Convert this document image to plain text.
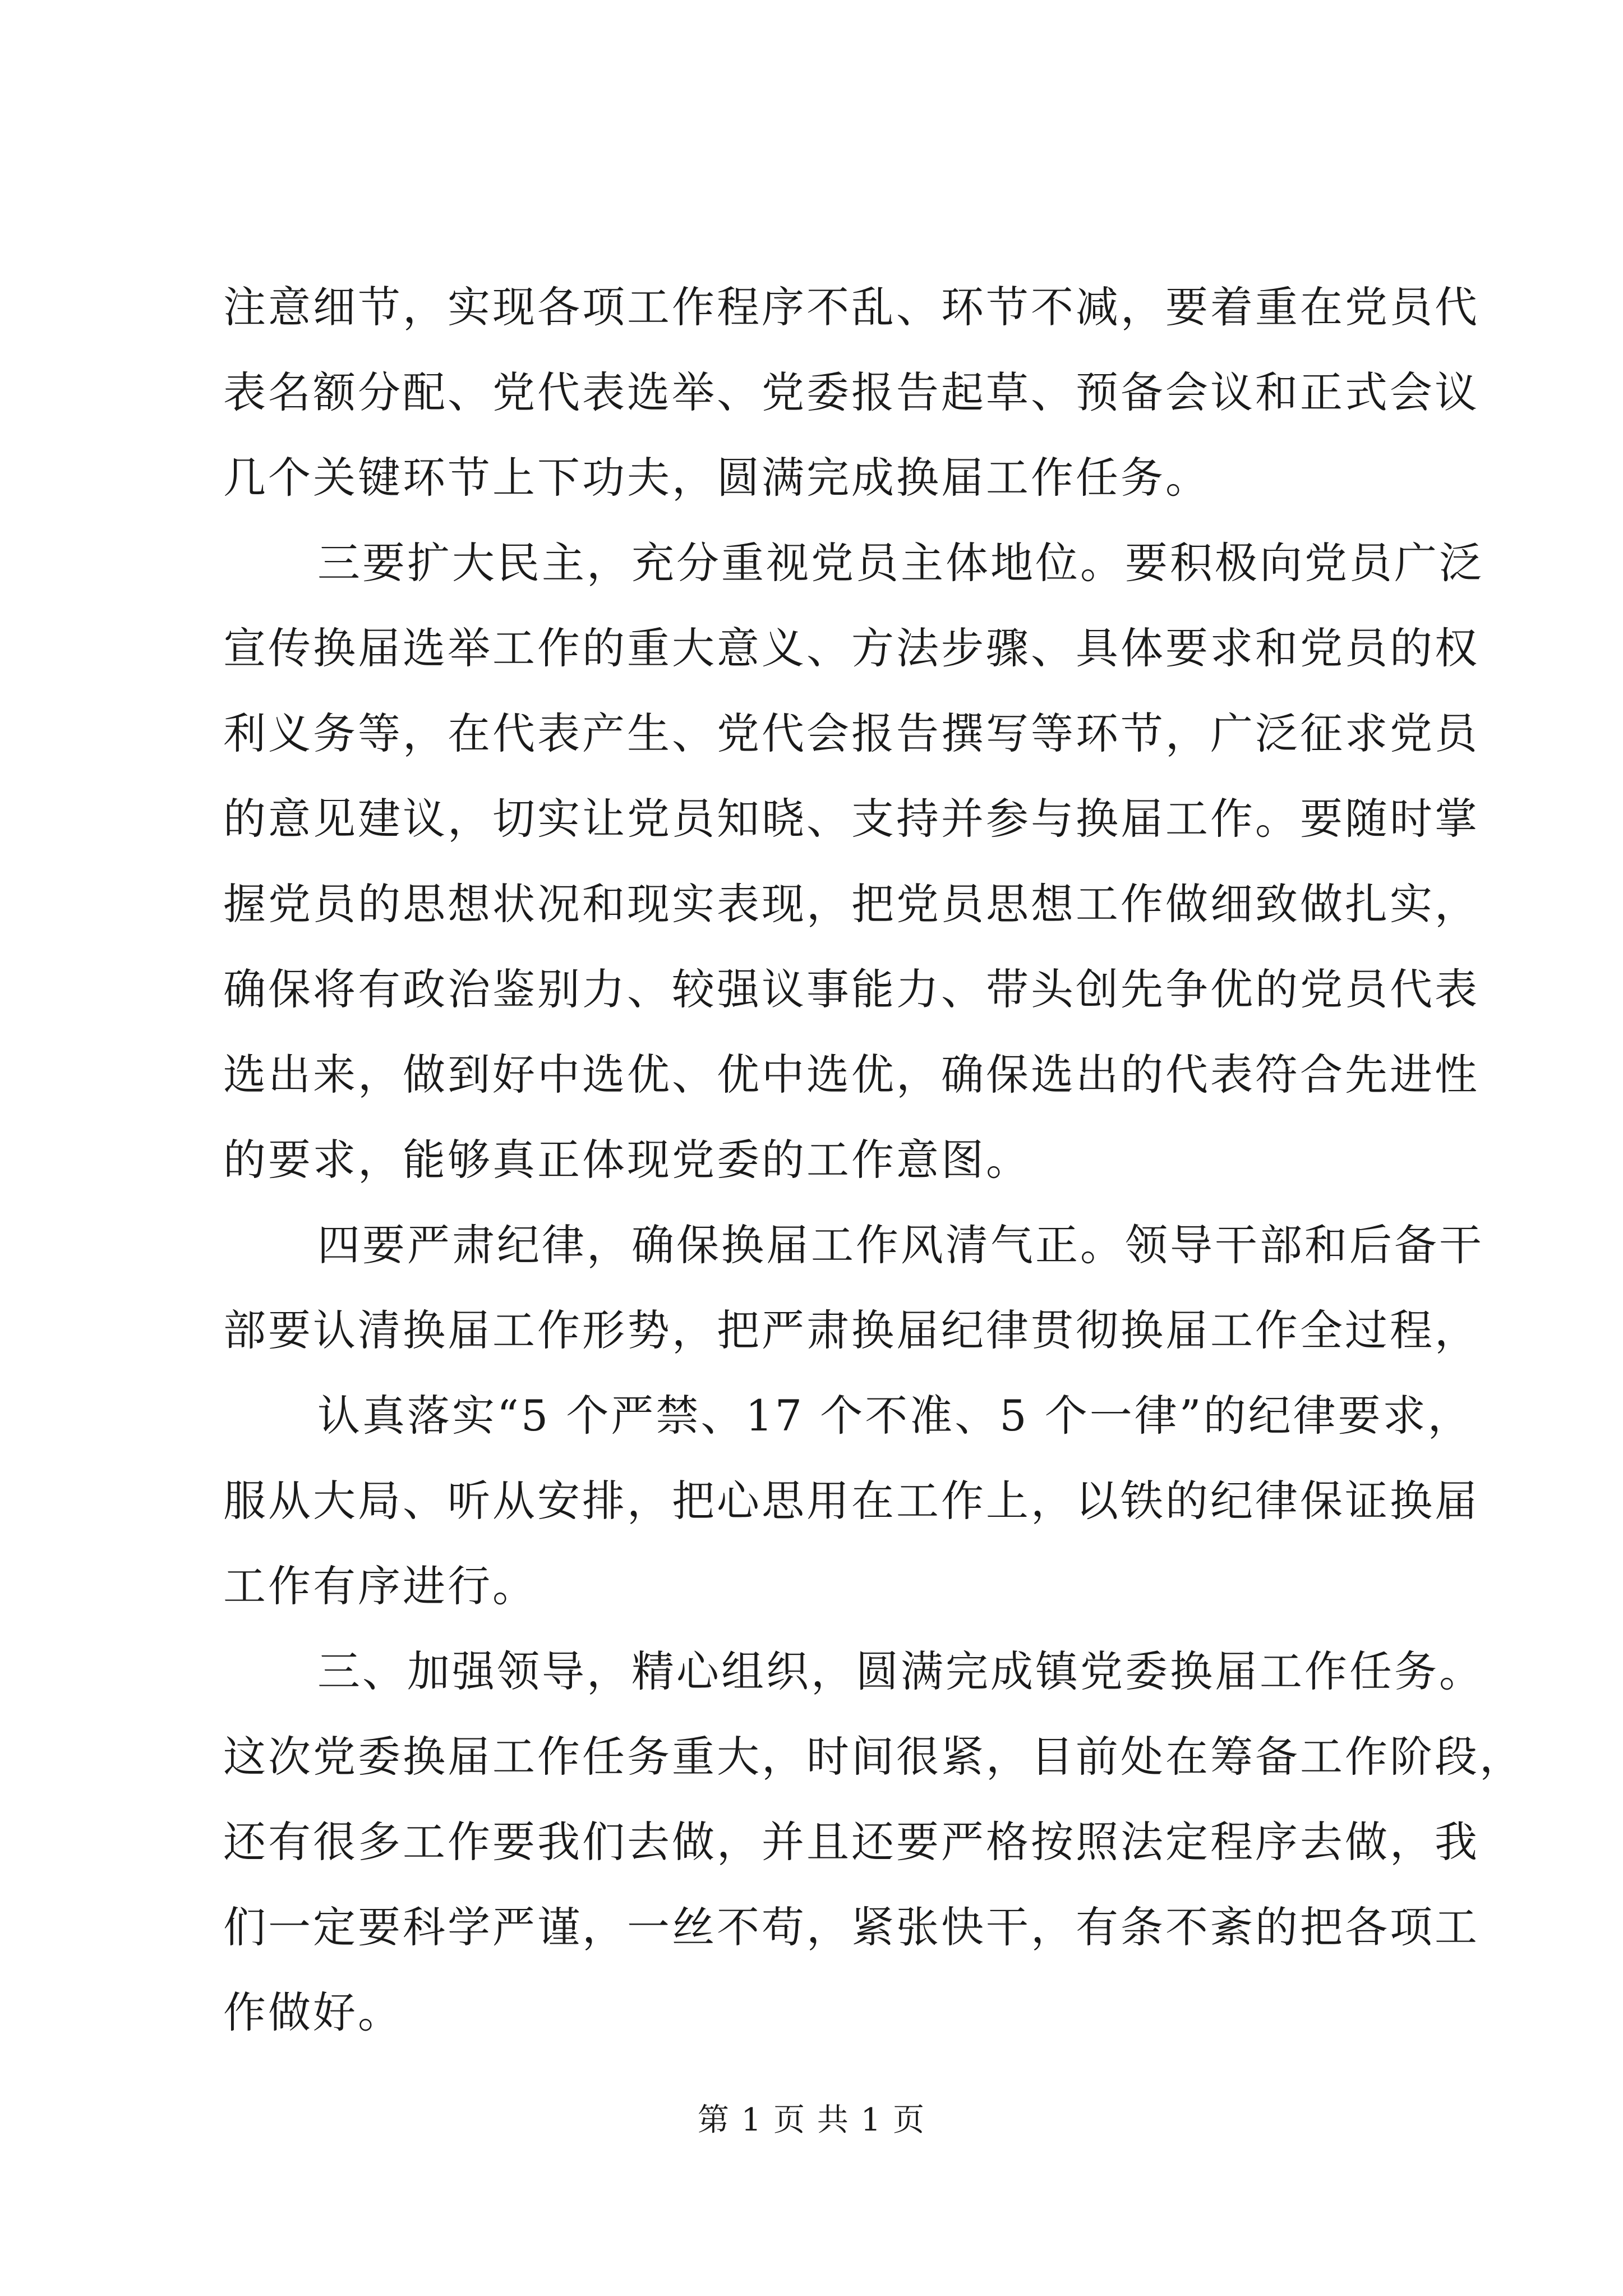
注意细节，实现各项工作程序不乱、环节不减，要着重在党员代
表名额分配、党代表选举、党委报告起草、预备会议和正式会议
几个关键环节上下功夫，圆满完成换届工作任务。
三要扩大民主，充分重视党员主体地位。要积极向党员广泛
宣传换届选举工作的重大意义、方法步骤、具体要求和党员的权
利义务等，在代表产生、党代会报告撰写等环节，广泛征求党员
的意见建议，切实让党员知晓、支持并参与换届工作。要随时掌
握党员的思想状况和现实表现，把党员思想工作做细致做扎实，
确保将有政治鉴别力、较强议事能力、带头创先争优的党员代表
选出来，做到好中选优、优中选优，确保选出的代表符合先进性
的要求，能够真正体现党委的工作意图。
四要严肃纪律，确保换届工作风清气正。领导干部和后备干
部要认清换届工作形势，把严肃换届纪律贯彻换届工作全过程，
认真落实“5 个严禁、17 个不准、5 个一律”的纪律要求，
服从大局、听从安排，把心思用在工作上，以铁的纪律保证换届
工作有序进行。
三、加强领导，精心组织，圆满完成镇党委换届工作任务。
这次党委换届工作任务重大，时间很紧，目前处在筹备工作阶段，
还有很多工作要我们去做，并且还要严格按照法定程序去做，我
们一定要科学严谨，一丝不苟，紧张快干，有条不紊的把各项工
作做好。
第 1 页 共 1 页
